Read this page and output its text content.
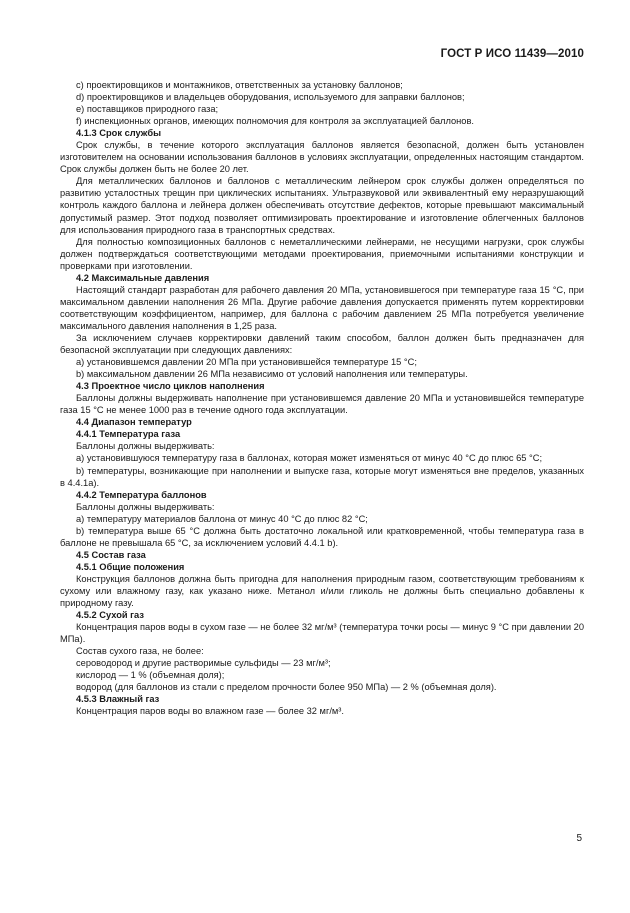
ГОСТ Р ИСО 11439—2010

c) проектировщиков и монтажников, ответственных за установку баллонов;

d) проектировщиков и владельцев оборудования, используемого для заправки баллонов;

e) поставщиков природного газа;

f) инспекционных органов, имеющих полномочия для контроля за эксплуатацией баллонов.

4.1.3 Срок службы

Срок службы, в течение которого эксплуатация баллонов является безопасной, должен быть установлен изготовителем на основании использования баллонов в условиях эксплуатации, определенных настоящим стандартом. Срок службы должен быть не более 20 лет.

Для металлических баллонов и баллонов с металлическим лейнером срок службы должен определяться по развитию усталостных трещин при циклических испытаниях. Ультразвуковой или эквивалентный ему неразрушающий контроль каждого баллона и лейнера должен обеспечивать отсутствие дефектов, которые превышают максимальный допустимый размер. Этот подход позволяет оптимизировать проектирование и изготовление облегченных баллонов для использования природного газа в транспортных средствах.

Для полностью композиционных баллонов с неметаллическими лейнерами, не несущими нагрузки, срок службы должен подтверждаться соответствующими методами проектирования, приемочными испытаниями конструкции и проверками при изготовлении.

4.2 Максимальные давления

Настоящий стандарт разработан для рабочего давления 20 МПа, установившегося при температуре газа 15 °С, при максимальном давлении наполнения 26 МПа. Другие рабочие давления допускается применять путем корректировки соответствующим коэффициентом, например, для баллона с рабочим давлением 25 МПа потребуется увеличение максимального давления наполнения в 1,25 раза.

За исключением случаев корректировки давлений таким способом, баллон должен быть предназначен для безопасной эксплуатации при следующих давлениях:

a) установившемся давлении 20 МПа при установившейся температуре 15 °С;

b) максимальном давлении 26 МПа независимо от условий наполнения или температуры.

4.3 Проектное число циклов наполнения

Баллоны должны выдерживать наполнение при установившемся давление 20 МПа и установившейся температуре газа 15 °С не менее 1000 раз в течение одного года эксплуатации.

4.4 Диапазон температур

4.4.1 Температура газа

Баллоны должны выдерживать:

a) установившуюся температуру газа в баллонах, которая может изменяться от минус 40 °С до плюс 65 °С;

b) температуры, возникающие при наполнении и выпуске газа, которые могут изменяться вне пределов, указанных в 4.4.1а).

4.4.2 Температура баллонов

Баллоны должны выдерживать:

a) температуру материалов баллона от минус 40 °С до плюс 82 °С;

b) температура выше 65 °С должна быть достаточно локальной или кратковременной, чтобы температура газа в баллоне не превышала 65 °С, за исключением условий 4.4.1 b).

4.5 Состав газа

4.5.1 Общие положения

Конструкция баллонов должна быть пригодна для наполнения природным газом, соответствующим требованиям к сухому или влажному газу, как указано ниже. Метанол и/или гликоль не должны быть специально добавлены к природному газу.

4.5.2 Сухой газ

Концентрация паров воды в сухом газе — не более 32 мг/м³ (температура точки росы — минус 9 °С при давлении 20 МПа).

Состав сухого газа, не более:

сероводород и другие растворимые сульфиды — 23 мг/м³;

кислород — 1 % (объемная доля);

водород (для баллонов из стали с пределом прочности более 950 МПа) — 2 % (объемная доля).

4.5.3 Влажный газ

Концентрация паров воды во влажном газе — более 32 мг/м³.

5
